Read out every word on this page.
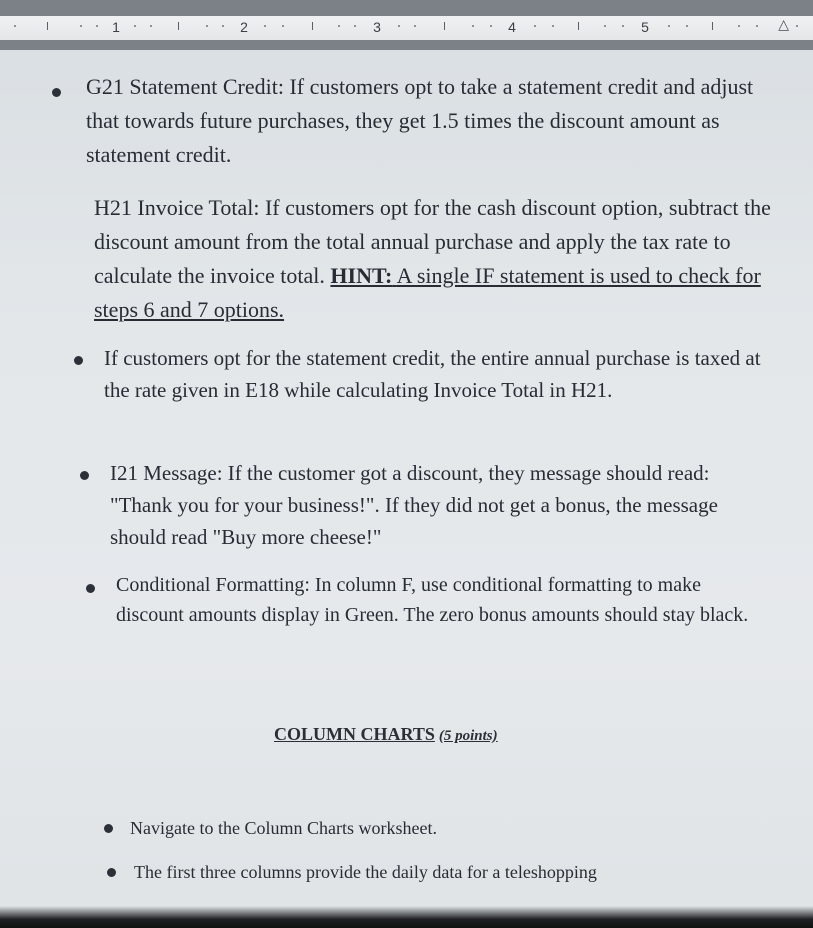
1	2	3	4	5	△
G21 Statement Credit: If customers opt to take a statement credit and adjust that towards future purchases, they get 1.5 times the discount amount as statement credit.
H21 Invoice Total: If customers opt for the cash discount option, subtract the discount amount from the total annual purchase and apply the tax rate to calculate the invoice total. HINT: A single IF statement is used to check for steps 6 and 7 options.
If customers opt for the statement credit, the entire annual purchase is taxed at the rate given in E18 while calculating Invoice Total in H21.
I21 Message: If the customer got a discount, they message should read: "Thank you for your business!". If they did not get a bonus, the message should read "Buy more cheese!"
Conditional Formatting: In column F, use conditional formatting to make discount amounts display in Green. The zero bonus amounts should stay black.
COLUMN CHARTS (5 points)
Navigate to the Column Charts worksheet.
The first three columns provide the daily data for a teleshopping
